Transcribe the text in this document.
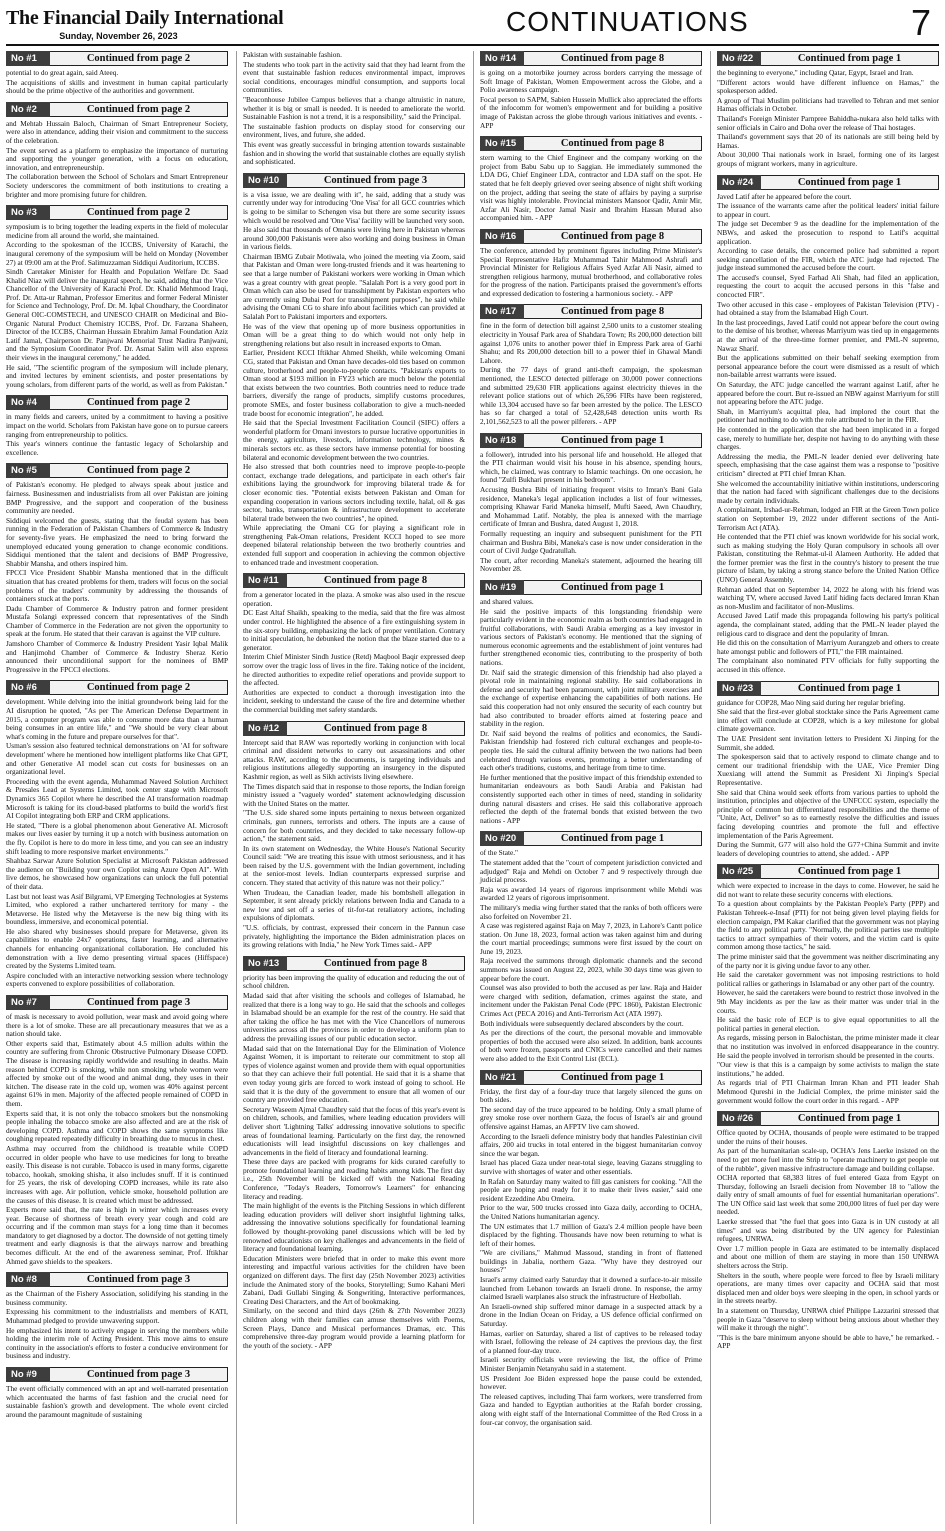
The Financial Daily International
Sunday, November 26, 2023	CONTINUATIONS	7
No #1	Continued from page 2

potential to do great again, said Ateeq.

The acquisitions of skills and investment in human capital particularly should be the prime objective of the authorities and government.

No #2	Continued from page 2

and Mehtab Hussain Baloch, Chairman of Smart Entrepreneur Society, were also in attendance, adding their vision and commitment to the success of the celebration.

The event served as a platform to emphasize the importance of nurturing and supporting the younger generation, with a focus on education, innovation, and entrepreneurship.

The collaboration between the School of Scholars and Smart Entrepreneur Society underscores the commitment of both institutions to creating a brighter and more promising future for children.

No #3	Continued from page 2

symposium is to bring together the leading experts in the field of molecular medicine from all around the world, she maintained.

According to the spokesman of the ICCBS, University of Karachi, the inaugural ceremony of the symposium will be held on Monday (November 27) at 09:00 am at the Prof. Salimuzzaman Siddiqui Auditorium, ICCBS.

Sindh Caretaker Minister for Health and Population Welfare Dr. Saad Khalid Niaz will deliver the inaugural speech, he said, adding that the Vice Chancellor of the University of Karachi Prof. Dr. Khalid Mehmood Iraqi, Prof. Dr. Atta-ur Rahman, Professor Emeritus and former Federal Minister for Science and Technology, Prof. Dr. M. Iqbal Choudhary, the Coordinator General OIC-COMSTECH, and UNESCO CHAIR on Medicinal and Bio-Organic Natural Product Chemistry ICCBS, Prof. Dr. Farzana Shaheen, Director of the ICCBS, Chairman Hussain Ebrahim Jamal Foundation Aziz Latif Jamal, Chairperson Dr. Panjwani Memorial Trust Nadira Panjwani, and the Symposium Coordinator Prof. Dr. Asmat Salim will also express their views in the inaugural ceremony," he added.

He said, "The scientific program of the symposium will include plenary, and invited lectures by eminent scientists, and poster presentations by young scholars, from different parts of the world, as well as from Pakistan."

No #4	Continued from page 2

in many fields and careers, united by a commitment to having a positive impact on the world. Scholars from Pakistan have gone on to pursue careers ranging from entrepreneurship to politics.

This year's winners continue the fantastic legacy of Scholarship and excellence.

No #5	Continued from page 2

of Pakistan's economy. He pledged to always speak about justice and fairness. Businessmen and industrialists from all over Pakistan are joining BMP Progressive, and the support and cooperation of the business community are needed.

Siddiqui welcomed the guests, stating that the feudal system has been running in the Federation of Pakistan Chambers of Commerce & Industry for seventy-five years. He emphasized the need to bring forward the unemployed educated young generation to change economic conditions. Siddiqui mentioned that the talent and decisions of BMP Progressive, Shabbir Mansha, and others inspired him.

FPCCI Vice President Shabbir Mansha mentioned that in the difficult situation that has created problems for them, traders will focus on the social problems of the traders' community by addressing the thousands of containers stuck at the ports.

Dadu Chamber of Commerce & Industry patron and former president Mustafa Solangi expressed concern that representatives of the Sindh Chamber of Commerce in the Federation are not given the opportunity to speak at the forum. He stated that their caravan is against the VIP culture.

Jamshoro Chamber of Commerce & Industry President Yasir Iqbal Malik and Hanjimohd Chamber of Commerce & Industry Sheraz Kerio announced their unconditional support for the nominees of BMP Progressive in the FPCCI elections.

No #6	Continued from page 2

development. While delving into the initial groundwork being laid for the AI disruption he quoted, "As per The American Defense Department in 2015, a computer program was able to consume more data than a human being consumes in an entire life," and "We should be very clear about what's coming in the future and prepare ourselves for that".

Usman's session also featured technical demonstrations on 'AI for software development' where he mentioned how intelligent platforms like Chat GPT, and other Generative AI model scan cut costs for businesses on an organizational level.

Proceeding with the event agenda, Muhammad Naveed Solution Architect & Presales Lead at Systems Limited, took center stage with Microsoft Dynamics 365 Copilot where he described the AI transformation roadmap Microsoft is taking for its cloud-based platforms to build the world's first AI Copilot integrating both ERP and CRM applications.

He stated, "There is a global phenomenon about Generative AI. Microsoft makes our lives easier by turning it up a notch with business automation on the fly. Copilot is here to do more in less time, and you can see an industry shift leading to more responsive market environments."

Shahbaz Sarwar Azure Solution Specialist at Microsoft Pakistan addressed the audience on "Building your own Copilot using Azure Open AI". With live demos, he showcased how organizations can unlock the full potential of their data.

Last but not least was Asif Bilgrami, VP Emerging Technologies at Systems Limited, who explored a rather unchartered territory for many - the Metaverse. He listed why the Metaverse is the new big thing with its boundless, immersive, and economical potential.

He also shared why businesses should prepare for Metaverse, given its capabilities to enable 24x7 operations, faster learning, and alternative channels for enhancing organizational collaboration. He concluded his demonstration with a live demo presenting virtual spaces (Hiffspace) created by the Systems Limited team.

Aspire concluded with an interactive networking session where technology experts convened to explore possibilities of collaboration.

No #7	Continued from page 3

of mask is necessary to avoid pollution, wear mask and avoid going where there is a lot of smoke. These are all precautionary measures that we as a nation should take.

Other experts said that, Estimately about 4.5 million adults within the country are suffering from Chronic Obstructive Pulmonary Disease COPD. The disease is increasing rapidly worldwide and resulting in deaths. Main reason behind COPD is smoking, while non smoking whole women were affected by smoke out of the wood and animal dung, they uses in their kitchen. The disease rate in the cold up, women was 40% against percent against 61% in men. Majority of the affected people remained of COPD in them.

Experts said that, it is not only the tobacco smokers but the nonsmoking people inhaling the tobacco smoke are also affected and are at the risk of developing COPD. Asthma and COPD shows the same symptoms like coughing repeated repeatedly difficulty in breathing due to mucus in chest.

Asthma may occurred from the childhood is treatable while COPD occurred in older people who have to use medicines for long to breathe easily. This disease is not curable. Tobacco is used in many forms, cigarette tobacco, hookah, smoking shisha, it also includes snuff. If it is continued for 25 years, the risk of developing COPD increases, while its rate also increases with age. Air pollution, vehicle smoke, household pollution are the causes of this disease. It is created which must be addressed.

Experts more said that, the rate is high in winter which increases every year. Because of shortness of breath every year cough and cold are occurring and if the common man stays for a long time than it becomes mandatory to get diagnosed by a doctor. The downside of not getting timely treatment and early diagnosis is that the airways narrow and breathing becomes difficult. At the end of the awareness seminar, Prof. Iftikhar Ahmed gave shields to the speakers.

No #8	Continued from page 3

as the Chairman of the Fishery Association, solidifying his standing in the business community.

Expressing his commitment to the industrialists and members of KATI, Muhammad pledged to provide unwavering support.

He emphasized his intent to actively engage in serving the members while holding the interim role of Acting President. This move aims to ensure continuity in the association's efforts to foster a conducive environment for business and industry.

No #9	Continued from page 3

The event officially commenced with an apt and well-narrated presentation which accentuated the harms of fast fashion and the crucial need for sustainable fashion's growth and development. The whole event circled around the paramount magnitude of sustaining

Pakistan with sustainable fashion.

The students who took part in the activity said that they had learnt from the event that sustainable fashion reduces environmental impact, improves social conditions, encourages mindful consumption, and supports local communities.

"Beaconhouse Jubilee Campus believes that a change altruistic in nature, whether it is big or small is needed. It is needed to ameliorate the world. Sustainable Fashion is not a trend, it is a responsibility," said the Principal.

The sustainable fashion products on display stood for conserving our environment, lives, and future, she added.

This event was greatly successful in bringing attention towards sustainable fashion and in showing the world that sustainable clothes are equally stylish and sophisticated.

No #10	Continued from page 3

is a visa issue, we are dealing with it", he said, adding that a study was currently under way for introducing 'One Visa' for all GCC countries which is going to be similar to Schengen visa but there are some security issues which would be resolved and 'One Visa' facility will be launched very soon.

He also said that thousands of Omanis were living here in Pakistan whereas around 300,000 Pakistanis were also working and doing business in Oman in various fields.

Chairman IBMG Zubair Motiwala, who joined the meeting via Zoom, said that Pakistan and Oman were long-trusted friends and it was heartening to see that a large number of Pakistani workers were working in Oman which was a great country with great people. "Salalah Port is a very good port in Oman which can also be used for transshipment by Pakistan exporters who are currently using Dubai Port for transshipment purposes", he said while advising the Omani CG to share info about facilities which can provided at Salalah Port to Pakistani importers and exporters.

He was of the view that opening up of more business opportunities in Oman will be a great thing to do which would not only help in strengthening relations but also result in increased exports to Oman.

Earlier, President KCCI Iftikhar Ahmed Sheikh, while welcoming Omani CG, stated that Pakistan and Oman have decades-old ties based on common culture, brotherhood and people-to-people contacts. "Pakistan's exports to Oman stood at $193 million in FY23 which are much below the potential that exists between the two countries. Both countries need to reduce trade barriers, diversify the range of products, simplify customs procedures, promote SMEs, and foster business collaboration to give a much-needed trade boost for economic integration", he added.

He said that the Special Investment Facilitation Council (SIFC) offers a wonderful platform for Omani investors to pursue lucrative opportunities in the energy, agriculture, livestock, information technology, mines & minerals sectors etc. as these sectors have immense potential for boosting bilateral and economic development between the two countries.

He also stressed that both countries need to improve people-to-people contact, exchange trade delegations, and participate in each other's fair exhibitions laying the groundwork for improving bilateral trade & for closer economic ties. "Potential exists between Pakistan and Oman for expanding cooperation in various sectors including textile, halal, oil & gas sector, banks, transportation & infrastructure development to accelerate bilateral trade between the two countries", he opined.

While appreciating the Omani CG for playing a significant role in strengthening Pak-Oman relations, President KCCI hoped to see more deepened bilateral relationship between the two brotherly countries and extended full support and cooperation in achieving the common objective to enhanced trade and investment cooperation.

No #11	Continued from page 8

from a generator located in the plaza. A smoke was also used in the rescue operation.

DC East Altaf Shaikh, speaking to the media, said that the fire was almost under control. He highlighted the absence of a fire extinguishing system in the six-story building, emphasizing the lack of proper ventilation. Contrary to initial speculation, he debunked the notion that the blaze started due to a generator.

Interim Chief Minister Sindh Justice (Retd) Maqbool Baqir expressed deep sorrow over the tragic loss of lives in the fire. Taking notice of the incident, he directed authorities to expedite relief operations and provide support to the affected.

Authorities are expected to conduct a thorough investigation into the incident, seeking to understand the cause of the fire and determine whether the commercial building met safety standards.

No #12	Continued from page 8

Intercept said that RAW was reportedly working in conjunction with local criminal and dissident networks to carry out assassinations and other attacks. RAW, according to the documents, is targeting individuals and religious institutions allegedly supporting an insurgency in the disputed Kashmir region, as well as Sikh activists living elsewhere.

The Times dispatch said that in response to those reports, the Indian foreign ministry issued a "vaguely worded" statement acknowledging discussion with the United States on the matter.

"The U.S. side shared some inputs pertaining to nexus between organized criminals, gun runners, terrorists and others. The inputs are a cause of concern for both countries, and they decided to take necessary follow-up action," the statement said.

In its own statement on Wednesday, the White House's National Security Council said: "We are treating this issue with utmost seriousness, and it has been raised by the U.S. government with the Indian government, including at the senior-most levels. Indian counterparts expressed surprise and concern. They stated that activity of this nature was not their policy."

When Trudeau, the Canadian leader, made his bombshell allegation in September, it sent already prickly relations between India and Canada to a new low and set off a series of tit-for-tat retaliatory actions, including expulsions of diplomats.

"U.S. officials, by contrast, expressed their concern in the Pannun case privately, highlighting the importance the Biden administration places on its growing relations with India," he New York Times said.- APP

No #13	Continued from page 8

priority has been improving the quality of education and reducing the out of school children.

Madad said that after visiting the schools and colleges of Islamabad, he realized that there is a long way to go. He said that the schools and colleges in Islamabad should be an example for the rest of the country. He said that after taking the office he has met with the Vice Chancellors of numerous universities across all the provinces in order to develop a uniform plan to address the prevailing issues of our public education sector.

Madad said that on the International Day for the Elimination of Violence Against Women, it is important to reiterate our commitment to stop all types of violence against women and provide them with equal opportunities so that they can achieve their full potential. He said that it is a shame that even today young girls are forced to work instead of going to school. He said that it is the duty of the government to ensure that all women of our country are provided free education.

Secretary Waseem Ajmal Chaudhry said that the focus of this year's event is on children, schools, and families, where leading education providers will deliver short 'Lightning Talks' addressing innovative solutions to specific areas of foundational learning. Particularly on the first day, the renowned educationists will lead insightful discussions on key challenges and advancements in the field of literacy and foundational learning.

These three days are packed with programs for kids curated carefully to promote foundational learning and reading habits among kids. The first day i.e., 25th November will be kicked off with the National Reading Conference, "Today's Readers, Tomorrow's Learners" for enhancing literacy and reading.

The main highlight of the events is the Pitching Sessions in which different leading education providers will deliver short insightful lightning talks, addressing the innovative solutions specifically for foundational learning followed by thought-provoking panel discussions which will be led by renowned educationists on key challenges and advancements in the field of literacy and foundational learning.

Education Ministers were briefed that in order to make this event more interesting and impactful various activities for the children have been organized on different days. The first day (25th November 2023) activities include the Animated story of the books, Storytelling; Sumo Kahani Meri Zabani, Dadi Gullabi Singing & Songwriting, Interactive performances, Creating Desi Characters, and the Art of bookmaking.

Similarly, on the second and third days (26th & 27th November 2023) children along with their families can amuse themselves with Poems, Screen Plays, Dance and Musical performances Dramas, etc. This comprehensive three-day program would provide a learning platform for the youth of the society. - APP

No #14	Continued from page 8

is going on a motorbike journey across borders carrying the message of Soft Image of Pakistan, Women Empowerment across the Globe, and a Polio awareness campaign.

Focal person to SAPM, Sabien Hussein Mullick also appreciated the efforts of the infocomm for women's empowerment and for building a positive image of Pakistan across the globe through various initiatives and events. - APP

No #15	Continued from page 8

stern warning to the Chief Engineer and the company working on the project from Babu Sabu up to Saggian. He immediately summoned the LDA DG, Chief Engineer LDA, contractor and LDA staff on the spot. He stated that he felt deeply grieved over seeing absence of night shift working on the project, adding that seeing the state of affairs by paying a surprise visit was highly intolerable. Provincial ministers Mansoor Qadir, Amir Mir, Azfar Ali Nasir, Doctor Jamal Nasir and Ibrahim Hassan Murad also accompanied him. - APP

No #16	Continued from page 8

The conference, attended by prominent figures including Prime Minister's Special Representative Hafiz Muhammad Tahir Mahmood Ashrafi and Provincial Minister for Religious Affairs Syed Azfar Ali Nasir, aimed to strengthen religious harmony, mutual brotherhood, and collaborative roles for the progress of the nation. Participants praised the government's efforts and expressed dedication to fostering a harmonious society. - APP

No #17	Continued from page 8

fine in the form of detection bill against 2,500 units to a customer stealing electricity in Yousaf Park area of Shahdara Town; Rs 200,000 detection bill against 1,076 units to another power thief in Empress Park area of Garhi Shahu; and Rs 200,000 detection bill to a power thief in Ghawal Mandi Lahore.

During the 77 days of grand anti-theft campaign, the spokesman mentioned, the LESCO detected pilferage on 30,000 power connections and submitted 29,630 FIR applications against electricity thieves in the relevant police stations out of which 26,596 FIRs have been registered, while 13,304 accused have so far been arrested by the police. The LESCO has so far charged a total of 52,428,648 detection units worth Rs 2,101,562,523 to all the power pilferers. - APP

No #18	Continued from page 1

a follower), intruded into his personal life and household. He alleged that the PTI chairman would visit his house in his absence, spending hours, which, he claimed, was contrary to Islamic teachings. On one occasion, he found "Zulfi Bukhari present in his bedroom".

Accusing Bushra Bibi of initiating frequent visits to Imran's Bani Gala residence, Maneka's legal application includes a list of four witnesses, comprising Khawar Farid Maneka himself, Mufti Saeed, Awn Chaudhry, and Mohammad Latif. Notably, the plea is annexed with the marriage certificate of Imran and Bushra, dated August 1, 2018.

Formally requesting an inquiry and subsequent punishment for the PTI chairman and Bushra Bibi, Maneka's case is now under consideration in the court of Civil Judge Qudratullah.

The court, after recording Maneka's statement, adjourned the hearing till November 28.

No #19	Continued from page 1

and shared values.

He said the positive impacts of this longstanding friendship were particularly evident in the economic realm as both countries had engaged in fruitful collaborations, with Saudi Arabia emerging as a key investor in various sectors of Pakistan's economy. He mentioned that the signing of numerous economic agreements and the establishment of joint ventures had further strengthened economic ties, contributing to the prosperity of both nations.

Dr. Naif said the strategic dimension of this friendship had also played a pivotal role in maintaining regional stability. He said collaborations in defense and security had been paramount, with joint military exercises and the exchange of expertise enhancing the capabilities of both nations. He said this cooperation had not only ensured the security of each country but had also contributed to broader efforts aimed at fostering peace and stability in the region.

Dr. Naif said beyond the realms of politics and economics, the Saudi-Pakistan friendship had fostered rich cultural exchanges and people-to-people ties. He said the cultural affinity between the two nations had been celebrated through various events, promoting a better understanding of each other's traditions, customs, and heritage from time to time.

He further mentioned that the positive impact of this friendship extended to humanitarian endeavours as both Saudi Arabia and Pakistan had consistently supported each other in times of need, standing in solidarity during natural disasters and crises. He said this collaborative approach reflected the depth of the fraternal bonds that existed between the two nations - APP

No #20	Continued from page 1

of the State."

The statement added that the "court of competent jurisdiction convicted and adjudged" Raja and Mehdi on October 7 and 9 respectively through due judicial process.

Raja was awarded 14 years of rigorous imprisonment while Mehdi was awarded 12 years of rigorous imprisonment.

The military's media wing further stated that the ranks of both officers were also forfeited on November 21.

A case was registered against Raja on May 7, 2023, in Lahore's Cantt police station. On June 18, 2023, formal action was taken against him and during the court martial proceedings; summons were first issued by the court on June 19, 2023.

Raja received the summons through diplomatic channels and the second summons was issued on August 22, 2023, while 30 days time was given to appear before the court.

Counsel was also provided to both the accused as per law. Raja and Haider were charged with sedition, defamation, crimes against the state, and incitement under the Pakistan Penal Code (PPC 1860), Pakistan Electronic Crimes Act (PECA 2016) and Anti-Terrorism Act (ATA 1997).

Both individuals were subsequently declared absconders by the court.

As per the directions of the court, the personal movable and immovable properties of both the accused were also seized. In addition, bank accounts of both were frozen, passports and CNICs were cancelled and their names were also added to the Exit Control List (ECL).

No #21	Continued from page 1

Friday, the first day of a four-day truce that largely silenced the guns on both sides.

The second day of the truce appeared to be holding. Only a small plume of grey smoke rose over northern Gaza, the focus of Israel's air and ground offensive against Hamas, an AFPTV live cam showed.

According to the Israeli defence ministry body that handles Palestinian civil affairs, 200 aid trucks in total entered in the biggest humanitarian convoy since the war began.

Israel has placed Gaza under near-total siege, leaving Gazans struggling to survive with shortages of water and other essentials.

In Rafah on Saturday many waited to fill gas canisters for cooking. "All the people are hoping and ready for it to make their lives easier," said one resident Ezzeddine Abu Omeira.

Prior to the war, 500 trucks crossed into Gaza daily, according to OCHA, the United Nations humanitarian agency.

The UN estimates that 1.7 million of Gaza's 2.4 million people have been displaced by the fighting. Thousands have now been returning to what is left of their homes.

"We are civilians," Mahmud Massoud, standing in front of flattened buildings in Jabalia, northern Gaza. "Why have they destroyed our houses?"

Israel's army claimed early Saturday that it downed a surface-to-air missile launched from Lebanon towards an Israeli drone. In response, the army claimed Israeli warplanes also struck the infrastructure of Hezbollah.

An Israeli-owned ship suffered minor damage in a suspected attack by a drone in the Indian Ocean on Friday, a US defence official confirmed on Saturday.

Hamas, earlier on Saturday, shared a list of captives to be released today with Israel, following the release of 24 captives the previous day, the first of a planned four-day truce.

Israeli security officials were reviewing the list, the office of Prime Minister Benjamin Netanyahu said in a statement.

US President Joe Biden expressed hope the pause could be extended, however.

The released captives, including Thai farm workers, were transferred from Gaza and handed to Egyptian authorities at the Rafah border crossing, along with eight staff of the International Committee of the Red Cross in a four-car convoy, the organisation said.

No #22	Continued from page 1

the beginning to everyone," including Qatar, Egypt, Israel and Iran.

"Different actors would have different influence on Hamas," the spokesperson added.

A group of Thai Muslim politicians had travelled to Tehran and met senior Hamas officials in October.

Thailand's Foreign Minister Parnpree Bahiddha-nukara also held talks with senior officials in Cairo and Doha over the release of Thai hostages.

Thailand's government says that 20 of its nationals are still being held by Hamas.

About 30,000 Thai nationals work in Israel, forming one of its largest groups of migrant workers, many in agriculture.

No #24	Continued from page 1

Javed Latif after he appeared before the court.

The issuance of the warrants came after the political leaders' initial failure to appear in court.

The judge set December 9 as the deadline for the implementation of the NBWs, and asked the prosecution to respond to Latif's acquittal application.

According to case details, the concerned police had submitted a report seeking cancellation of the FIR, which the ATC judge had rejected. The judge instead summoned the accused before the court.

The accused's counsel, Syed Farhad Ali Shah, had filed an application, requesting the court to acquit the accused persons in this "false and concocted FIR".

Two other accused in this case - employees of Pakistan Television (PTV) - had obtained a stay from the Islamabad High Court.

In the last proceedings, Javed Latif could not appear before the court owing to the demise of his brother, whereas Marriyum was tied up in engagements at the arrival of the three-time former premier, and PML-N supremo, Nawaz Sharif.

But the applications submitted on their behalf seeking exemption from personal appearance before the court were dismissed as a result of which non-bailable arrest warrants were issued.

On Saturday, the ATC judge cancelled the warrant against Latif, after he appeared before the court. But re-issued an NBW against Marriyum for still not appearing before the ATC judge.

Shah, in Marriyum's acquittal plea, had implored the court that the petitioner had nothing to do with the role attributed to her in the FIR.

He contended in the application that she had been implicated in a forged case, merely to humiliate her, despite not having to do anything with these charges.

Addressing the media, the PML-N leader denied ever delivering hate speech, emphasising that the case against them was a response to "positive criticism" directed at PTI chief Imran Khan.

She welcomed the accountability initiative within institutions, underscoring that the nation had faced with significant challenges due to the decisions made by certain individuals.

A complainant, Irshad-ur-Rehman, lodged an FIR at the Green Town police station on September 19, 2022 under different sections of the Anti-Terrorism Act (ATA).

He contended that the PTI chief was known worldwide for his social work, such as making studying the Holy Quran compulsory in schools all over Pakistan, constituting the Rehmat-ul-il Alameen Authority. He added that the former premier was the first in the country's history to present the true picture of Islam, by taking a strong stance before the United Nation Office (UNO) General Assembly.

Rehman added that on September 14, 2022 he along with his friend was watching TV, where accused Javed Latif hiding facts declared Imran Khan as non-Muslim and facilitator of non-Muslims.

Accused Javed Latif made this propaganda following his party's political agenda, the complainant stated, adding that the PML-N leader played the religious card to disgrace and dent the popularity of Imran.

He did this on the consultation of Marriyum Aurangzeb and others to create hate amongst public and followers of PTI," the FIR maintained.

The complainant also nominated PTV officials for fully supporting the accused in this offence.

No #23	Continued from page 1

guidance for COP28, Mao Ning said during her regular briefing.

She said that the first-ever global stocktake since the Paris Agreement came into effect will conclude at COP28, which is a key milestone for global climate governance.

The UAE President sent invitation letters to President Xi Jinping for the Summit, she added.

The spokesperson said that to actively respond to climate change and to cement our traditional friendship with the UAE, Vice Premier Ding Xuexiang will attend the Summit as President Xi Jinping's Special Representative.

She said that China would seek efforts from various parties to uphold the institution, principles and objective of the UNFCCC system, especially the principle of common but differentiated responsibilities and the theme of "Unite, Act, Deliver" so as to earnestly resolve the difficulties and issues facing developing countries and promote the full and effective implementation of the Paris Agreement.

During the Summit, G77 will also hold the G77+China Summit and invite leaders of developing countries to attend, she added. - APP

No #25	Continued from page 1

which were expected to increase in the days to come. However, he said he did not want to relate these security concerns with elections.

To a question about complaints by the Pakistan People's Party (PPP) and Pakistan Tehreek-e-Insaf (PTI) for not being given level playing fields for election campaign, PM Kakar clarified that the government was not playing the field to any political party. "Normally, the political parties use multiple tactics to attract sympathies of their voters, and the victim card is quite common among those tactics," he said.

The prime minister said that the government was neither discriminating any of the party nor it is giving undue favor to any other.

He said the caretaker government was not imposing restrictions to hold political rallies or gatherings in Islamabad or any other part of the country.

However, he said the caretakers were bound to restrict those involved in the 9th May incidents as per the law as their matter was under trial in the courts.

He said the basic role of ECP is to give equal opportunities to all the political parties in general election.

As regards, missing person in Balochistan, the prime minister made it clear that no institution was involved in enforced disappearance in the country. He said the people involved in terrorism should be presented in the courts.

"Our view is that this is a campaign by some activists to malign the state institutions," he added.

As regards trial of PTI Chairman Imran Khan and PTI leader Shah Mehmood Qureshi in the Judicial Complex, the prime minister said the government would follow the court order in this regard. - APP

No #26	Continued from page 1

Office quoted by OCHA, thousands of people were estimated to be trapped under the ruins of their houses.

As part of the humanitarian scale-up, OCHA's Jens Laerke insisted on the need to get more fuel into the Strip to "operate machinery to get people out of the rubble", given massive infrastructure damage and building collapse.

OCHA reported that 68,383 litres of fuel entered Gaza from Egypt on Thursday, following an Israeli decision from November 18 to "allow the daily entry of small amounts of fuel for essential humanitarian operations". The UN Office said last week that some 200,000 litres of fuel per day were needed.

Laerke stressed that "the fuel that goes into Gaza is in UN custody at all times" and was being distributed by the UN agency for Palestinian refugees, UNRWA.

Over 1.7 million people in Gaza are estimated to be internally displaced and about one million of them are staying in more than 150 UNRWA shelters across the Strip.

Shelters in the south, where people were forced to flee by Israeli military operations, are many times over capacity and OCHA said that most displaced men and older boys were sleeping in the open, in school yards or in the streets nearby.

In a statement on Thursday, UNRWA chief Philippe Lazzarini stressed that people in Gaza "deserve to sleep without being anxious about whether they will make it through the night".

"This is the bare minimum anyone should be able to have," he remarked. - APP
